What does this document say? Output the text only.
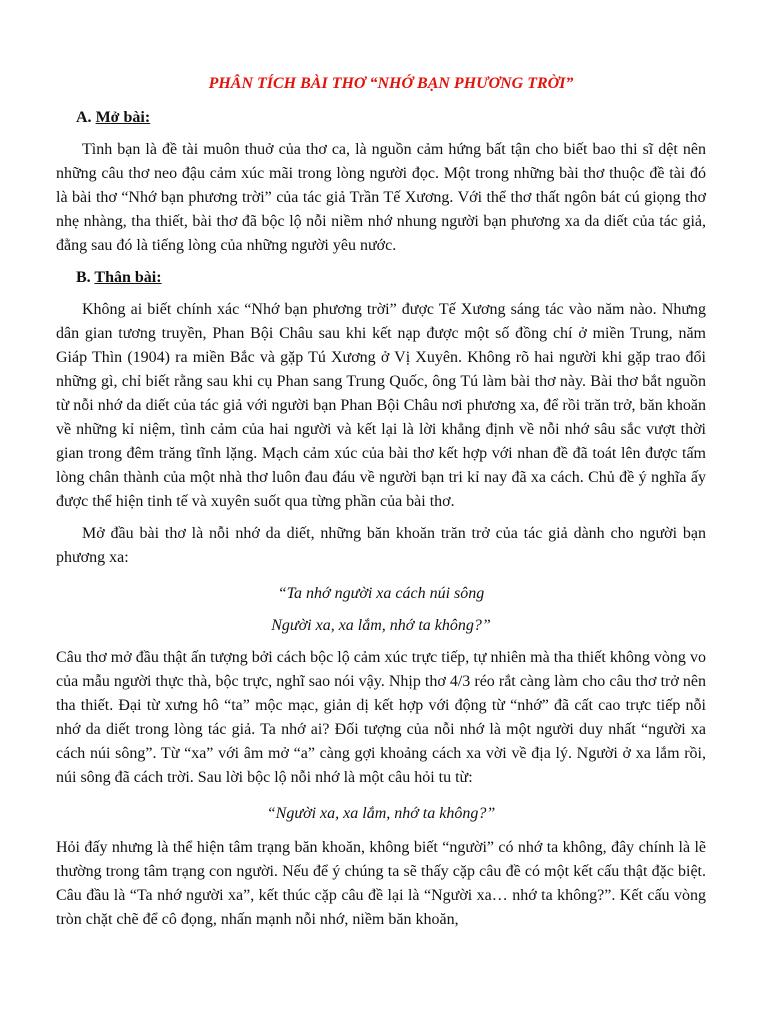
PHÂN TÍCH BÀI THƠ “NHỚ BẠN PHƯƠNG TRỜI”
A. Mở bài:

Tình bạn là đề tài muôn thuở của thơ ca, là nguồn cảm hứng bất tận cho biết bao thi sĩ dệt nên những câu thơ neo đậu cảm xúc mãi trong lòng người đọc. Một trong những bài thơ thuộc đề tài đó là bài thơ “Nhớ bạn phương trời” của tác giả Trần Tế Xương. Với thể thơ thất ngôn bát cú giọng thơ nhẹ nhàng, tha thiết, bài thơ đã bộc lộ nỗi niềm nhớ nhung người bạn phương xa da diết của tác giả, đằng sau đó là tiếng lòng của những người yêu nước.

B. Thân bài:

Không ai biết chính xác “Nhớ bạn phương trời” được Tế Xương sáng tác vào năm nào. Nhưng dân gian tương truyền, Phan Bội Châu sau khi kết nạp được một số đồng chí ở miền Trung, năm Giáp Thìn (1904) ra miền Bắc và gặp Tú Xương ở Vị Xuyên. Không rõ hai người khi gặp trao đổi những gì, chỉ biết rằng sau khi cụ Phan sang Trung Quốc, ông Tú làm bài thơ này. Bài thơ bắt nguồn từ nỗi nhớ da diết của tác giả với người bạn Phan Bội Châu nơi phương xa, để rồi trăn trở, băn khoăn về những kỉ niệm, tình cảm của hai người và kết lại là lời khẳng định về nỗi nhớ sâu sắc vượt thời gian trong đêm trăng tĩnh lặng. Mạch cảm xúc của bài thơ kết hợp với nhan đề đã toát lên được tấm lòng chân thành của một nhà thơ luôn đau đáu về người bạn tri kỉ nay đã xa cách. Chủ đề ý nghĩa ấy được thể hiện tinh tế và xuyên suốt qua từng phần của bài thơ.

Mở đầu bài thơ là nỗi nhớ da diết, những băn khoăn trăn trở của tác giả dành cho người bạn phương xa:

“Ta nhớ người xa cách núi sông

Người xa, xa lắm, nhớ ta không?”

Câu thơ mở đầu thật ấn tượng bởi cách bộc lộ cảm xúc trực tiếp, tự nhiên mà tha thiết không vòng vo của mẫu người thực thà, bộc trực, nghĩ sao nói vậy. Nhịp thơ 4/3 réo rắt càng làm cho câu thơ trở nên tha thiết. Đại từ xưng hô “ta” mộc mạc, giản dị kết hợp với động từ “nhớ” đã cất cao trực tiếp nỗi nhớ da diết trong lòng tác giả. Ta nhớ ai? Đối tượng của nỗi nhớ là một người duy nhất “người xa cách núi sông”. Từ “xa” với âm mở “a” càng gợi khoảng cách xa vời về địa lý. Người ở xa lắm rồi, núi sông đã cách trời. Sau lời bộc lộ nỗi nhớ là một câu hỏi tu từ:

“Người xa, xa lắm, nhớ ta không?”

Hỏi đấy nhưng là thể hiện tâm trạng băn khoăn, không biết “người” có nhớ ta không, đây chính là lẽ thường trong tâm trạng con người. Nếu để ý chúng ta sẽ thấy cặp câu đề có một kết cấu thật đặc biệt. Câu đầu là “Ta nhớ người xa”, kết thúc cặp câu đề lại là “Người xa… nhớ ta không?”. Kết cấu vòng tròn chặt chẽ để cô đọng, nhấn mạnh nỗi nhớ, niềm băn khoăn,
